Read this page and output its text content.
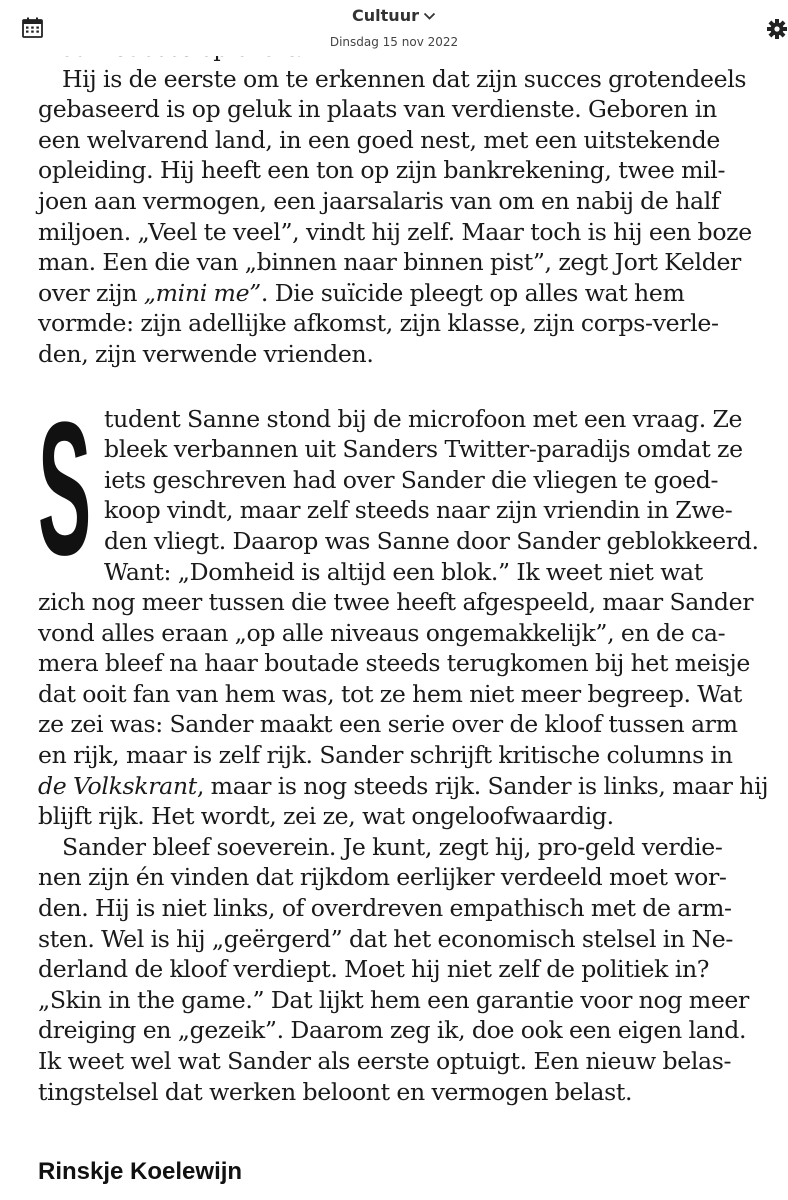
Hij is de eerste om te erkennen dat zijn succes grotendeels
gebaseerd is op geluk in plaats van verdienste. Geboren in
een welvarend land, in een goed nest, met een uitstekende
opleiding. Hij heeft een ton op zijn bankrekening, twee mil-
joen aan vermogen, een jaarsalaris van om en nabij de half
miljoen. „Veel te veel”, vindt hij zelf. Maar toch is hij een boze
man. Een die van „binnen naar binnen pist”, zegt Jort Kelder
over zijn „mini me”. Die suïcide pleegt op alles wat hem
vormde: zijn adellijke afkomst, zijn klasse, zijn corps-verle-
den, zijn verwende vrienden.
S tudent Sanne stond bij de microfoon met een vraag. Ze
bleek verbannen uit Sanders Twitter-paradijs omdat ze
iets geschreven had over Sander die vliegen te goed-
koop vindt, maar zelf steeds naar zijn vriendin in Zwe-
den vliegt. Daarop was Sanne door Sander geblokkeerd.
Want: „Domheid is altijd een blok.” Ik weet niet wat
zich nog meer tussen die twee heeft afgespeeld, maar Sander
vond alles eraan „op alle niveaus ongemakkelijk”, en de ca-
mera bleef na haar boutade steeds terugkomen bij het meisje
dat ooit fan van hem was, tot ze hem niet meer begreep. Wat
ze zei was: Sander maakt een serie over de kloof tussen arm
en rijk, maar is zelf rijk. Sander schrijft kritische columns in
de Volkskrant, maar is nog steeds rijk. Sander is links, maar hij
blijft rijk. Het wordt, zei ze, wat ongeloofwaardig.
Sander bleef soeverein. Je kunt, zegt hij, pro-geld verdie-
nen zijn én vinden dat rijkdom eerlijker verdeeld moet wor-
den. Hij is niet links, of overdreven empathisch met de arm-
sten. Wel is hij „geërgerd” dat het economisch stelsel in Ne-
derland de kloof verdiept. Moet hij niet zelf de politiek in?
„Skin in the game.” Dat lijkt hem een garantie voor nog meer
dreiging en „gezeik”. Daarom zeg ik, doe ook een eigen land.
Ik weet wel wat Sander als eerste optuigt. Een nieuw belas-
tingstelsel dat werken beloont en vermogen belast.
Rinskje Koelewijn
Cultuur
Dinsdag 15 nov 2022
